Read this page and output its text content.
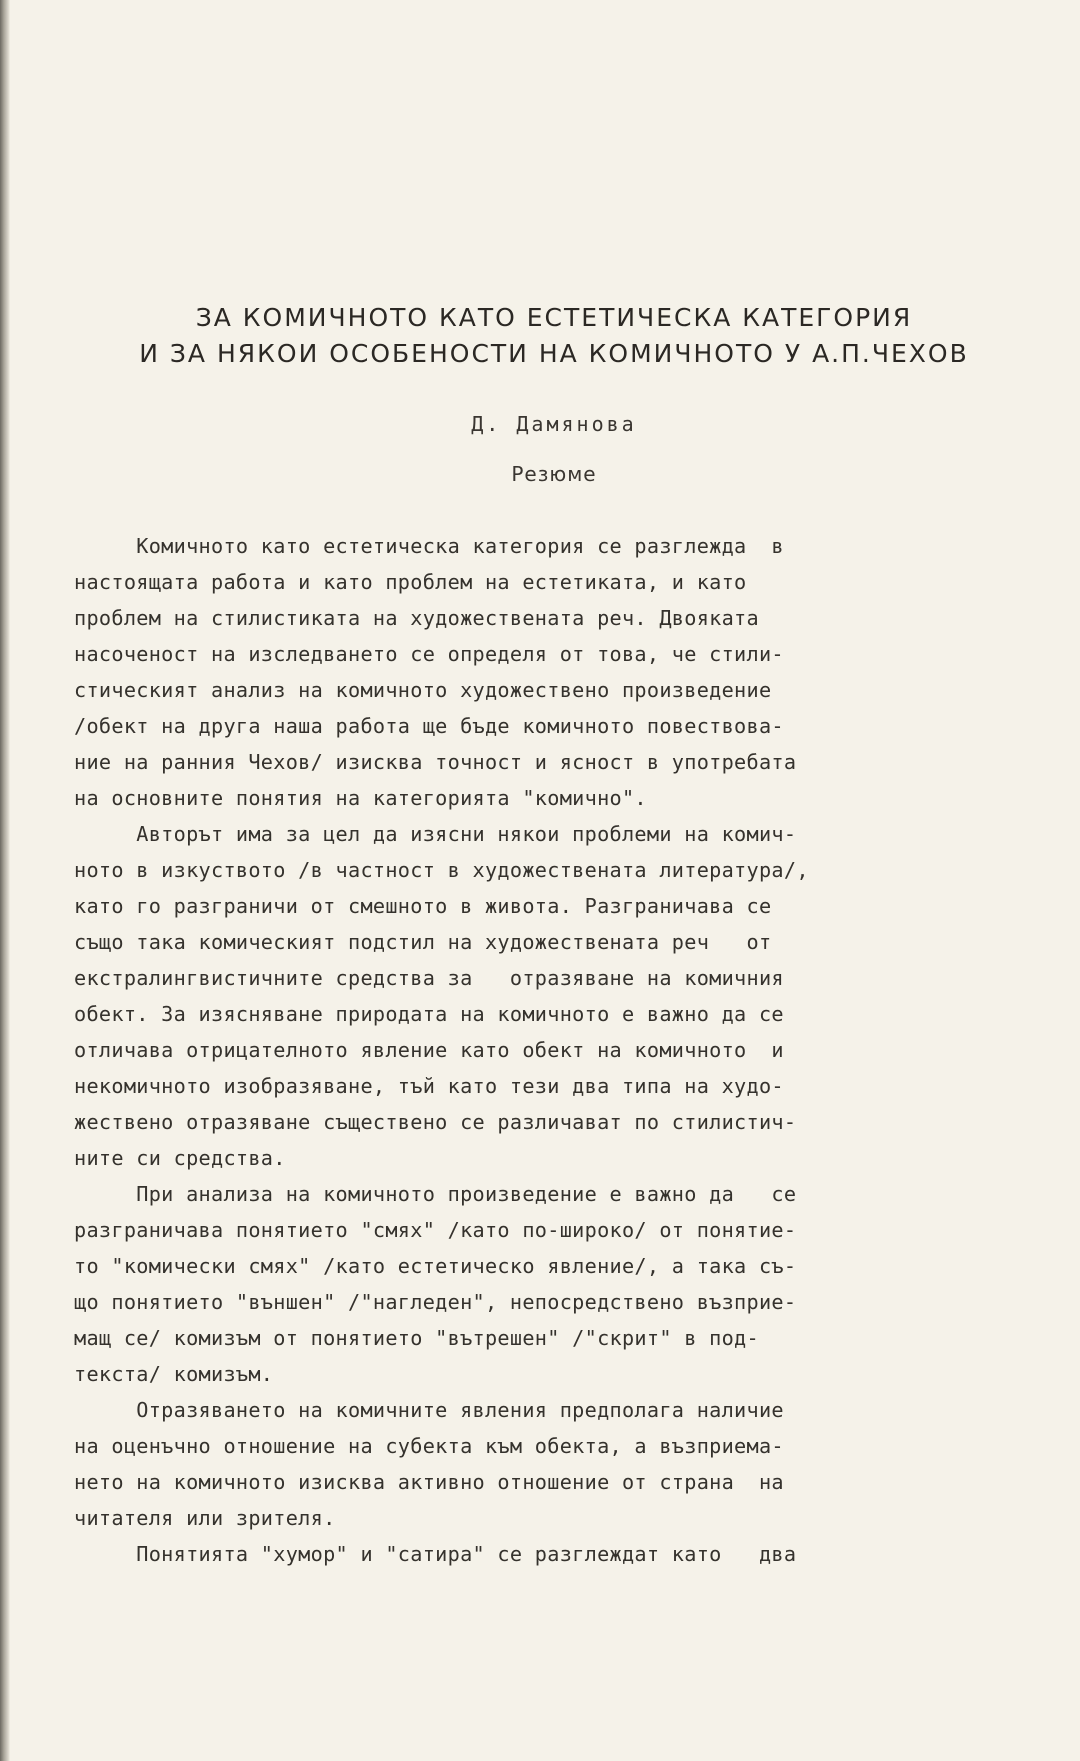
ЗА КОМИЧНОТО КАТО ЕСТЕТИЧЕСКА КАТЕГОРИЯ
И ЗА НЯКОИ ОСОБЕНОСТИ НА КОМИЧНОТО У А.П.ЧЕХОВ
Д. Дамянова
Резюме
Комичното като естетическа категория се разглежда  в
настоящата работа и като проблем на естетиката, и като
проблем на стилистиката на художествената реч. Двояката
насоченост на изследването се определя от това, че стили-
стическият анализ на комичното художествено произведение
/обект на друга наша работа ще бъде комичното повествова-
ние на ранния Чехов/ изисква точност и ясност в употребата
на основните понятия на категорията "комично".
Авторът има за цел да изясни някои проблеми на комич-
ното в изкуството /в частност в художествената литература/,
като го разграничи от смешното в живота. Разграничава се
също така комическият подстил на художествената реч   от
екстралингвистичните средства за   отразяване на комичния
обект. За изясняване природата на комичното е важно да се
отличава отрицателното явление като обект на комичното  и
некомичното изобразяване, тъй като тези два типа на худо-
жествено отразяване съществено се различават по стилистич-
ните си средства.
При анализа на комичното произведение е важно да   се
разграничава понятието "смях" /като по-широко/ от понятие-
то "комически смях" /като естетическо явление/, а така съ-
що понятието "външен" /"нагледен", непосредствено възприе-
мащ се/ комизъм от понятието "вътрешен" /"скрит" в под-
текста/ комизъм.
Отразяването на комичните явления предполага наличие
на оценъчно отношение на субекта към обекта, а възприема-
нето на комичното изисква активно отношение от страна  на
читателя или зрителя.
Понятията "хумор" и "сатира" се разглеждат като   два
